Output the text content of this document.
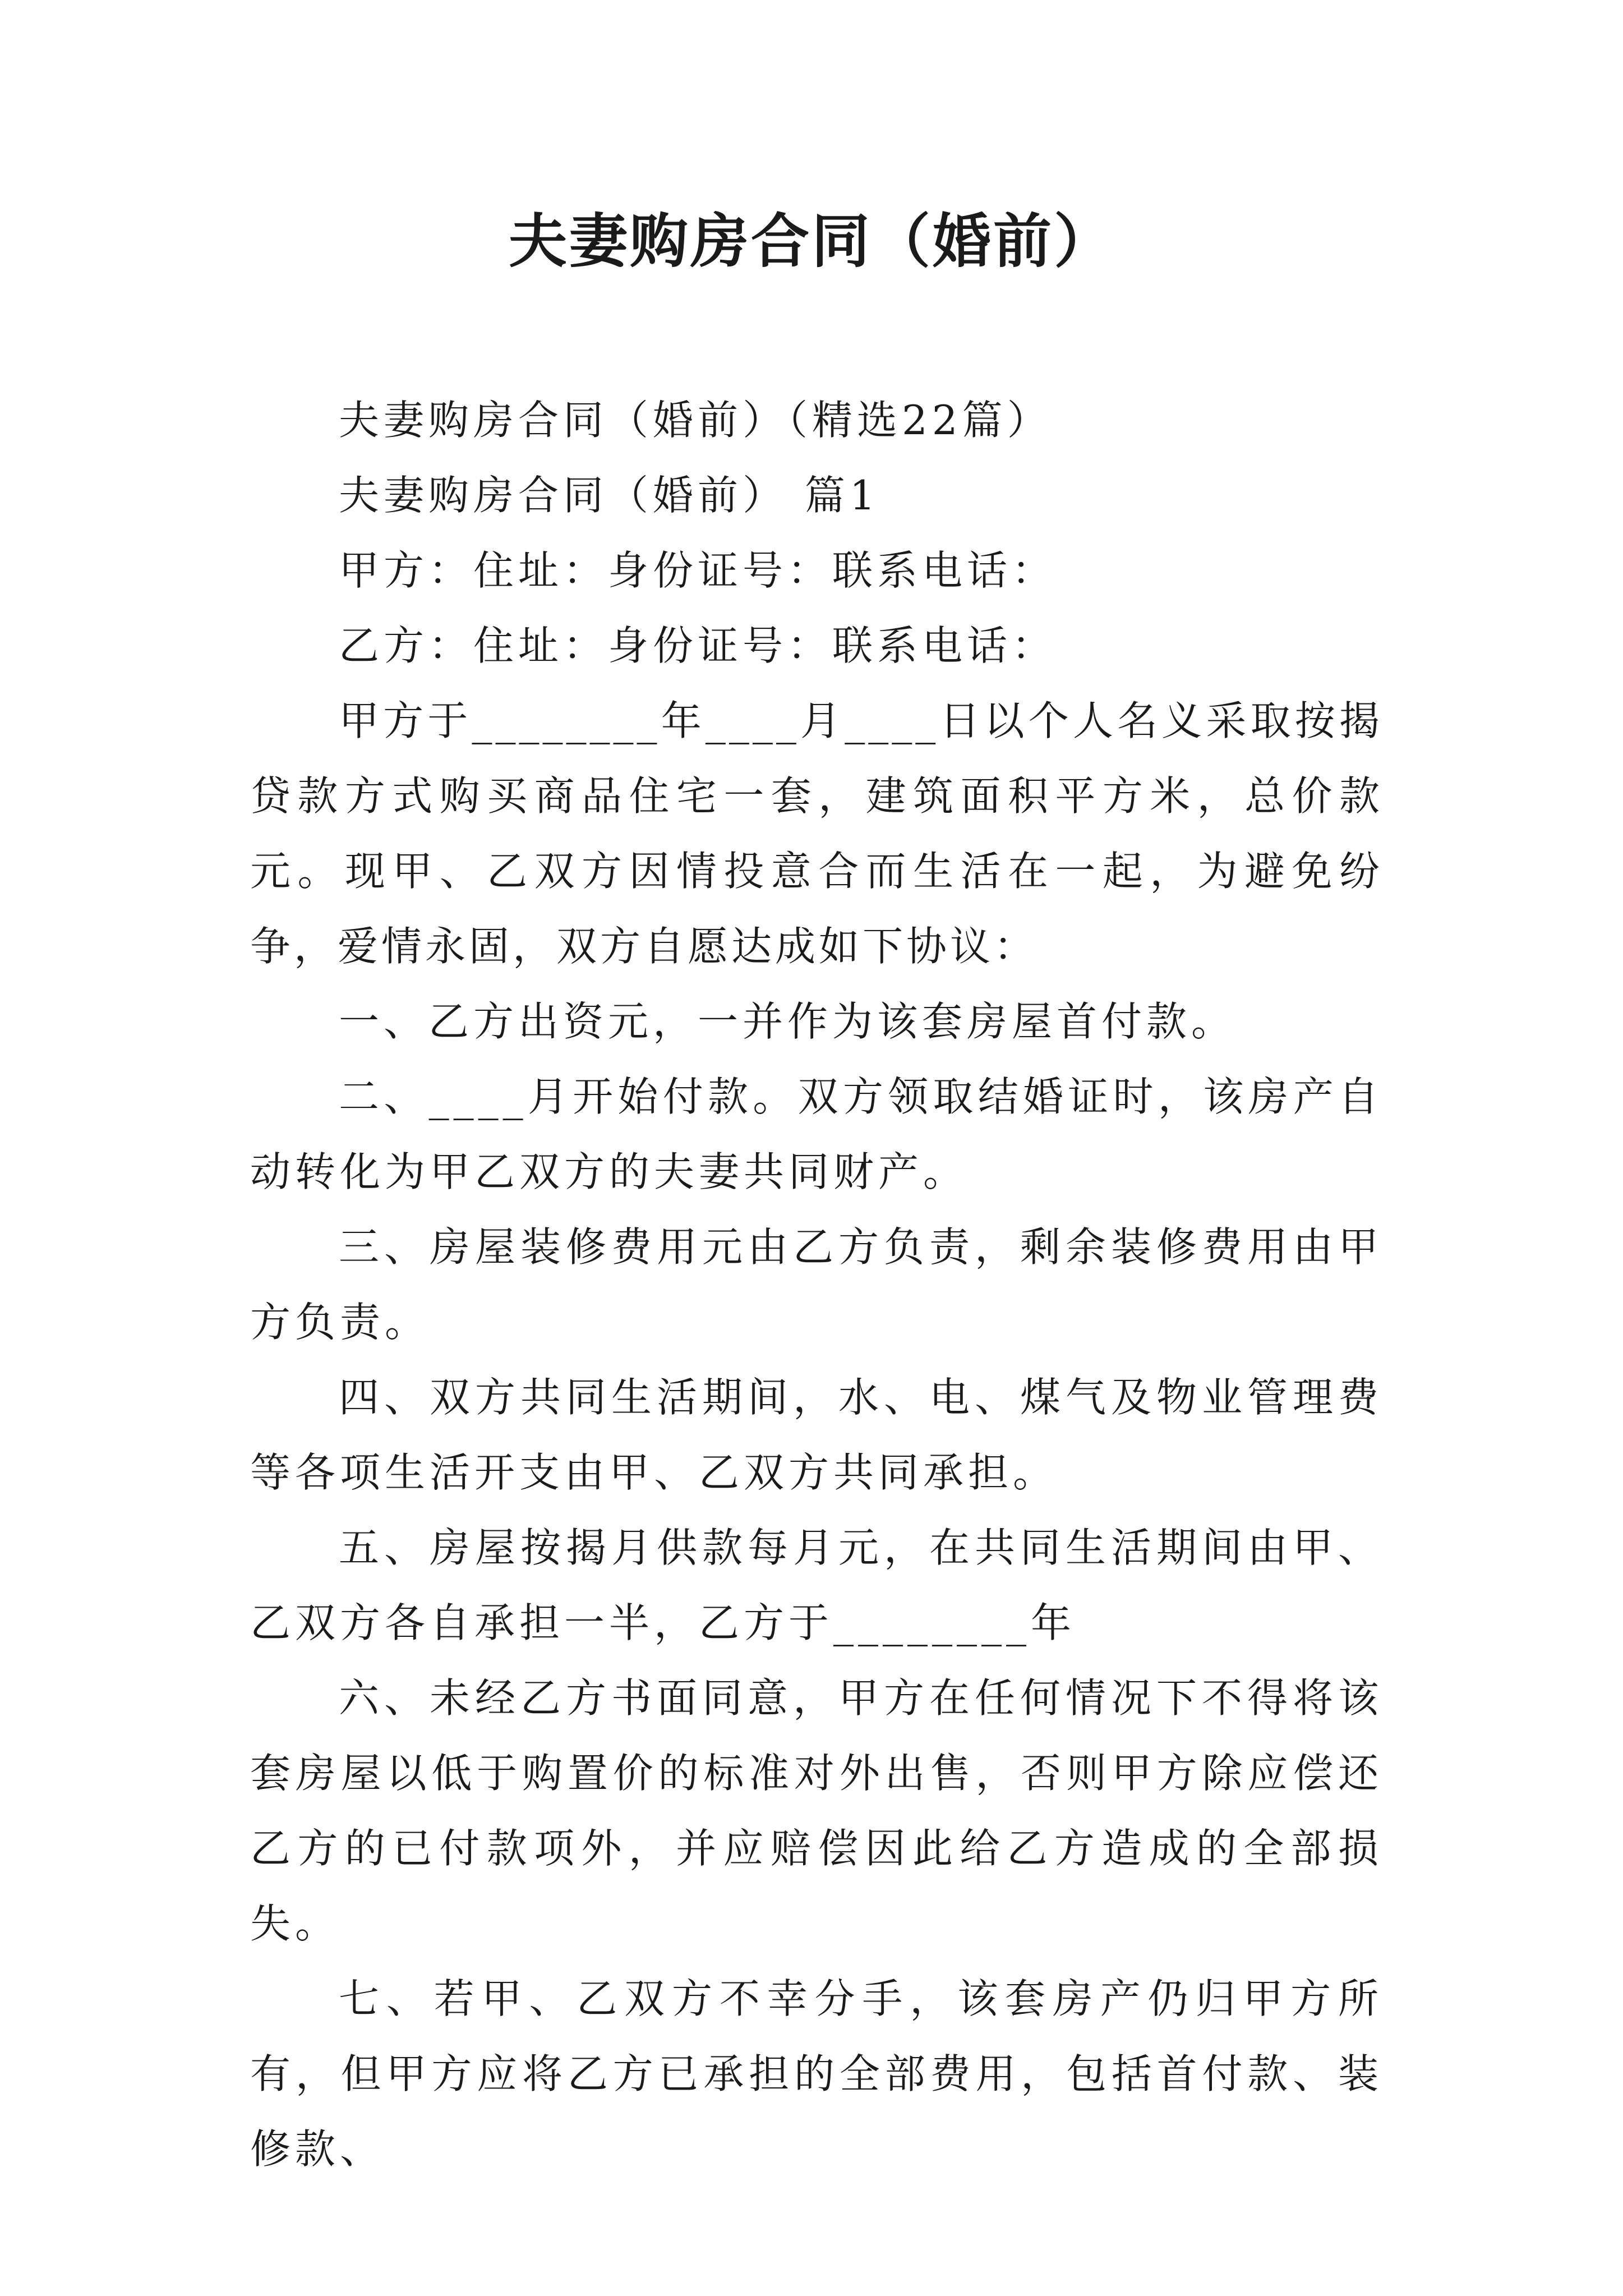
夫妻购房合同（婚前）

夫妻购房合同（婚前）（精选22篇）

夫妻购房合同（婚前） 篇1

甲方：住址：身份证号：联系电话：

乙方：住址：身份证号：联系电话：

甲方于________年____月____日以个人名义采取按揭贷款方式购买商品住宅一套，建筑面积平方米，总价款元。现甲、乙双方因情投意合而生活在一起，为避免纷争，爱情永固，双方自愿达成如下协议：

一、乙方出资元，一并作为该套房屋首付款。

二、____月开始付款。双方领取结婚证时，该房产自动转化为甲乙双方的夫妻共同财产。

三、房屋装修费用元由乙方负责，剩余装修费用由甲方负责。

四、双方共同生活期间，水、电、煤气及物业管理费等各项生活开支由甲、乙双方共同承担。

五、房屋按揭月供款每月元，在共同生活期间由甲、乙双方各自承担一半，乙方于________年

六、未经乙方书面同意，甲方在任何情况下不得将该套房屋以低于购置价的标准对外出售，否则甲方除应偿还乙方的已付款项外，并应赔偿因此给乙方造成的全部损失。

七、若甲、乙双方不幸分手，该套房产仍归甲方所有，但甲方应将乙方已承担的全部费用，包括首付款、装修款、
